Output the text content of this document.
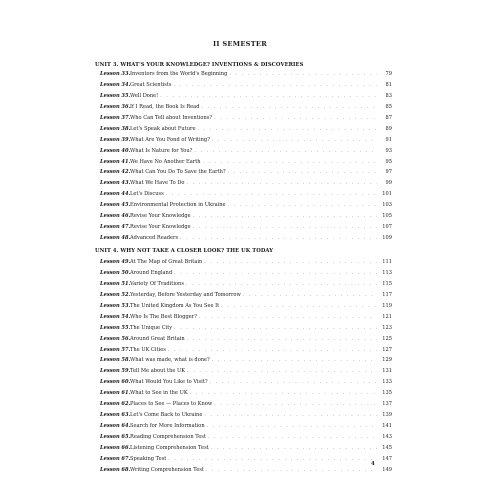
II SEMESTER
UNIT 3. WHAT'S YOUR KNOWLEDGE? INVENTIONS & DISCOVERIES
Lesson 33. Inventors from the World's Beginning . . .	79
Lesson 34. Great Scientists . . .	81
Lesson 35. Well Done! . . .	83
Lesson 36. If I Read, the Book Is Read . . .	85
Lesson 37. Who Can Tell about Inventions? . . .	87
Lesson 38. Let's Speak about Future . . .	89
Lesson 39. What Are You Fond of Writing? . . .	91
Lesson 40. What Is Nature for You? . . .	93
Lesson 41. We Have No Another Earth . . .	95
Lesson 42. What Can You Do To Save the Earth? . . .	97
Lesson 43. What We Have To Do . . .	99
Lesson 44. Let's Discuss . . .	101
Lesson 45. Environmental Protection in Ukraine . . .	103
Lesson 46. Revise Your Knowledge . . .	105
Lesson 47. Revise Your Knowledge . . .	107
Lesson 48. Advanced Readers . . .	109
UNIT 4. WHY NOT TAKE A CLOSER LOOK? THE UK TODAY
Lesson 49. At The Map of Great Britain . . .	111
Lesson 50. Around England . . .	113
Lesson 51. Variety Of Traditions . . .	115
Lesson 52. Yesterday, Before Yesterday and Tomorrow . . .	117
Lesson 53. The United Kingdom As You See It . . .	119
Lesson 54. Who Is The Best Blogger? . . .	121
Lesson 55. The Unique City . . .	123
Lesson 56. Around Great Britain . . .	125
Lesson 57. The UK Cities . . .	127
Lesson 58. What was made, what is done? . . .	129
Lesson 59. Tell Me about the UK . . .	131
Lesson 60. What Would You Like to Visit? . . .	133
Lesson 61. What to See in the UK . . .	135
Lesson 62. Places to See — Places to Know . . .	137
Lesson 63. Let's Come Back to Ukraine . . .	139
Lesson 64. Search for More Information . . .	141
Lesson 65. Reading Comprehension Test . . .	143
Lesson 66. Listening Comprehension Test . . .	145
Lesson 67. Speaking Test . . .	147
Lesson 68. Writing Comprehension Test . . .	149
4
